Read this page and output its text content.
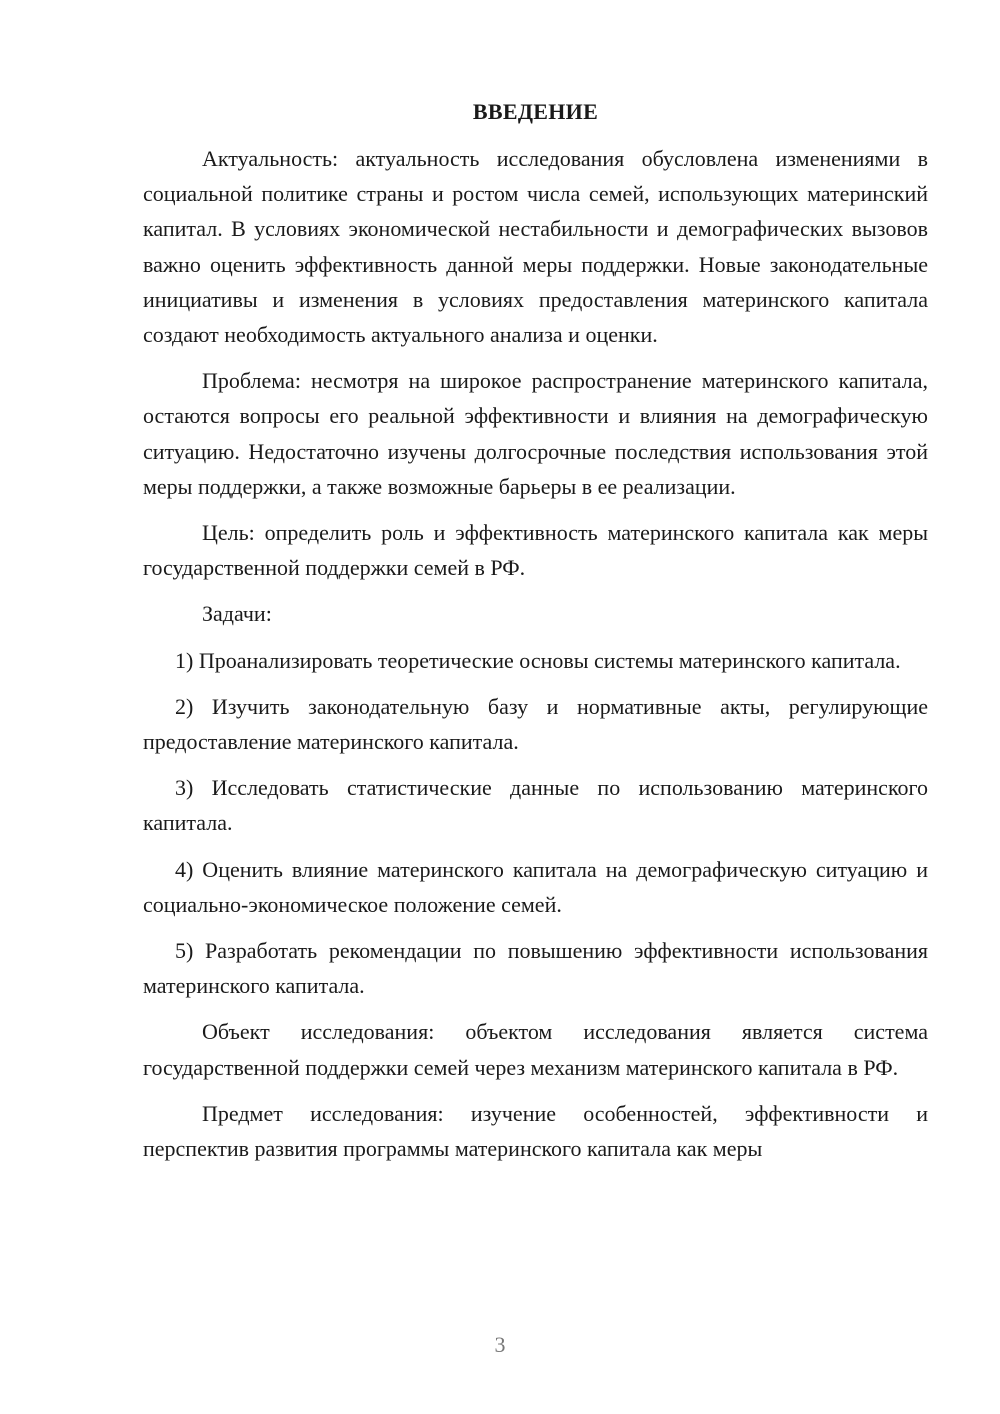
ВВЕДЕНИЕ

Актуальность: актуальность исследования обусловлена изменениями в социальной политике страны и ростом числа семей, использующих материнский капитал. В условиях экономической нестабильности и демографических вызовов важно оценить эффективность данной меры поддержки. Новые законодательные инициативы и изменения в условиях предоставления материнского капитала создают необходимость актуального анализа и оценки.

Проблема: несмотря на широкое распространение материнского капитала, остаются вопросы его реальной эффективности и влияния на демографическую ситуацию. Недостаточно изучены долгосрочные последствия использования этой меры поддержки, а также возможные барьеры в ее реализации.

Цель: определить роль и эффективность материнского капитала как меры государственной поддержки семей в РФ.

Задачи:

1) Проанализировать теоретические основы системы материнского капитала.

2) Изучить законодательную базу и нормативные акты, регулирующие предоставление материнского капитала.

3) Исследовать статистические данные по использованию материнского капитала.

4) Оценить влияние материнского капитала на демографическую ситуацию и социально-экономическое положение семей.

5) Разработать рекомендации по повышению эффективности использования материнского капитала.

Объект исследования: объектом исследования является система государственной поддержки семей через механизм материнского капитала в РФ.

Предмет исследования: изучение особенностей, эффективности и перспектив развития программы материнского капитала как меры

3
